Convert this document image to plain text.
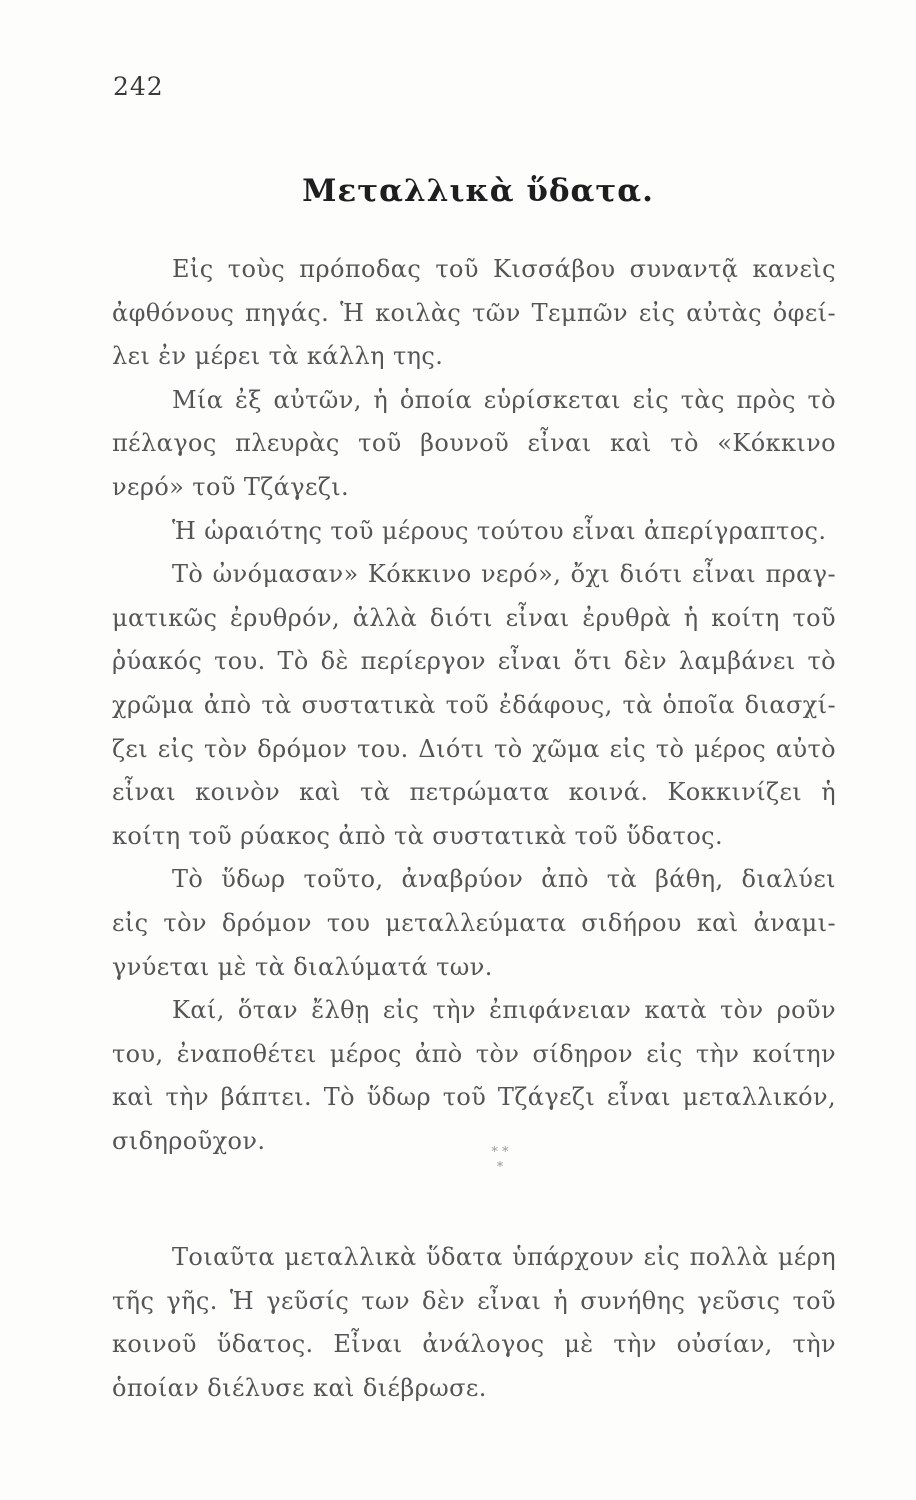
242
Μεταλλικὰ ὕδατα.
Εἰς τοὺς πρόποδας τοῦ Κισσάβου συναντᾷ κανεὶς
ἀφθόνους πηγάς. Ἡ κοιλὰς τῶν Τεμπῶν εἰς αὐτὰς ὀφεί-
λει ἐν μέρει τὰ κάλλη της.
Μία ἐξ αὐτῶν, ἡ ὁποία εὑρίσκεται εἰς τὰς πρὸς τὸ
πέλαγος πλευρὰς τοῦ βουνοῦ εἶναι καὶ τὸ «Κόκκινο
νερό» τοῦ Τζάγεζι.
Ἡ ὡραιότης τοῦ μέρους τούτου εἶναι ἀπερίγραπτος.
Τὸ ὠνόμασαν» Κόκκινο νερό», ὄχι διότι εἶναι πραγ-
ματικῶς ἐρυθρόν, ἀλλὰ διότι εἶναι ἐρυθρὰ ἡ κοίτη τοῦ
ῥύακός του. Τὸ δὲ περίεργον εἶναι ὅτι δὲν λαμβάνει τὸ
χρῶμα ἀπὸ τὰ συστατικὰ τοῦ ἐδάφους, τὰ ὁποῖα διασχί-
ζει εἰς τὸν δρόμον του. Διότι τὸ χῶμα εἰς τὸ μέρος αὐτὸ
εἶναι κοινὸν καὶ τὰ πετρώματα κοινά. Κοκκινίζει ἡ
κοίτη τοῦ ρύακος ἀπὸ τὰ συστατικὰ τοῦ ὕδατος.
Τὸ ὕδωρ τοῦτο, ἀναβρύον ἀπὸ τὰ βάθη, διαλύει
εἰς τὸν δρόμον του μεταλλεύματα σιδήρου καὶ ἀναμι-
γνύεται μὲ τὰ διαλύματά των.
Καί, ὅταν ἔλθῃ εἰς τὴν ἐπιφάνειαν κατὰ τὸν ροῦν
του, ἐναποθέτει μέρος ἀπὸ τὸν σίδηρον εἰς τὴν κοίτην
καὶ τὴν βάπτει. Τὸ ὕδωρ τοῦ Τζάγεζι εἶναι μεταλλικόν,
σιδηροῦχον.	* *
*
Τοιαῦτα μεταλλικὰ ὕδατα ὑπάρχουν εἰς πολλὰ μέρη
τῆς γῆς. Ἡ γεῦσίς των δὲν εἶναι ἡ συνήθης γεῦσις τοῦ
κοινοῦ ὕδατος. Εἶναι ἀνάλογος μὲ τὴν οὐσίαν, τὴν
ὁποίαν διέλυσε καὶ διέβρωσε.
